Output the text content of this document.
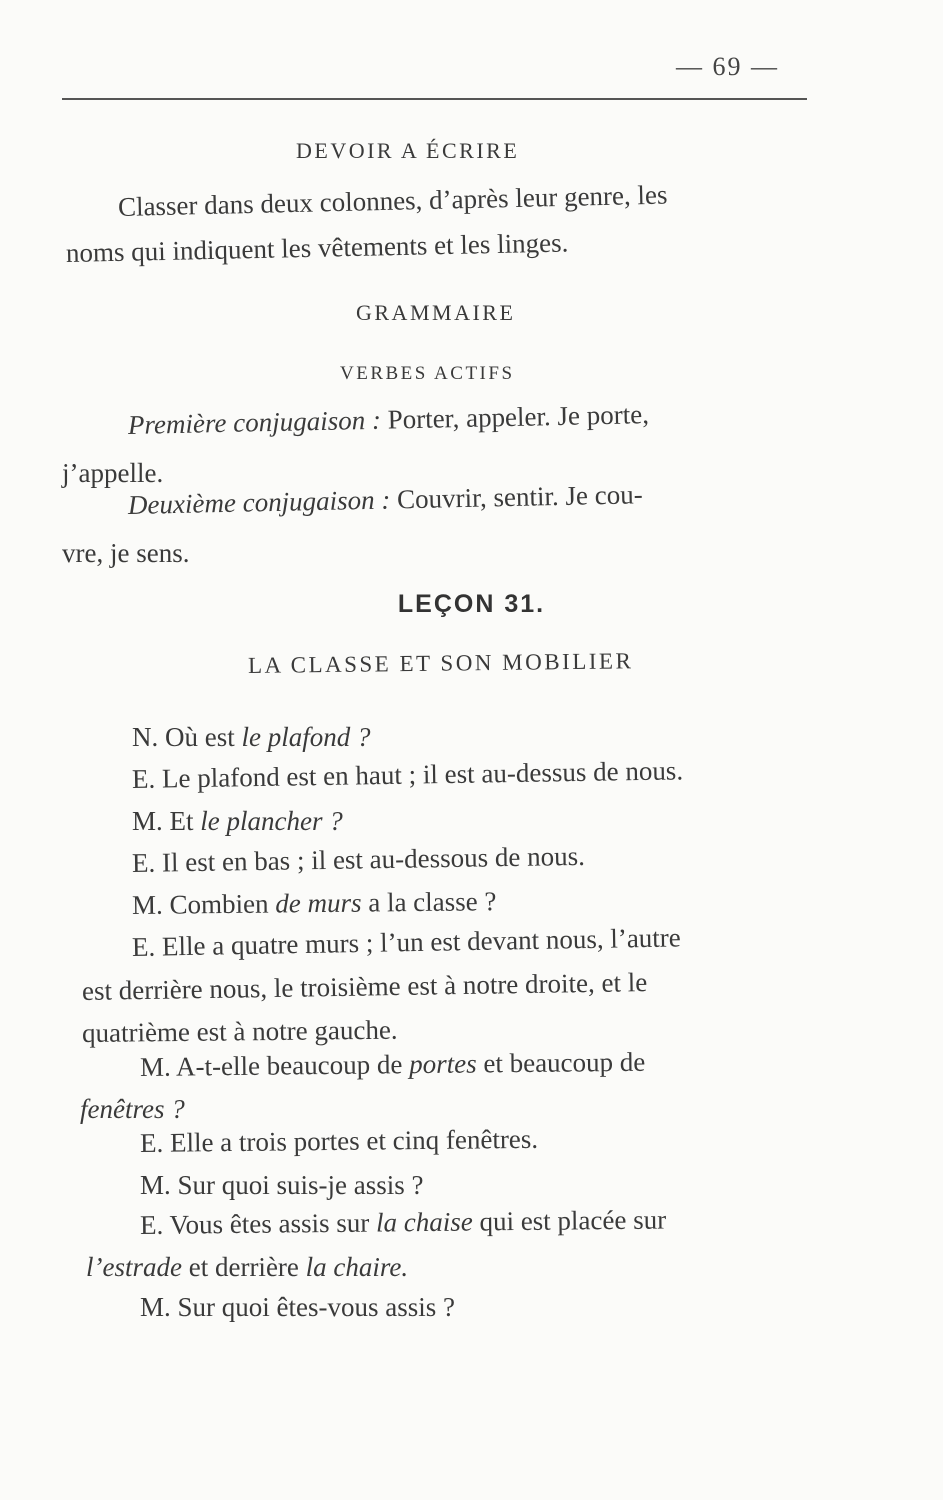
— 69 —
DEVOIR A ÉCRIRE
Classer dans deux colonnes, d’après leur genre, les
noms qui indiquent les vêtements et les linges.
GRAMMAIRE
VERBES ACTIFS
Première conjugaison : Porter, appeler. Je porte,
j’appelle.
Deuxième conjugaison : Couvrir, sentir. Je cou-
vre, je sens.
LEÇON 31.
LA CLASSE ET SON MOBILIER
N. Où est le plafond ?
E. Le plafond est en haut ; il est au-dessus de nous.
M. Et le plancher ?
E. Il est en bas ; il est au-dessous de nous.
M. Combien de murs a la classe ?
E. Elle a quatre murs ; l’un est devant nous, l’autre
est derrière nous, le troisième est à notre droite, et le
quatrième est à notre gauche.
M. A-t-elle beaucoup de portes et beaucoup de
fenêtres ?
E. Elle a trois portes et cinq fenêtres.
M. Sur quoi suis-je assis ?
E. Vous êtes assis sur la chaise qui est placée sur
l’estrade et derrière la chaire.
M. Sur quoi êtes-vous assis ?
